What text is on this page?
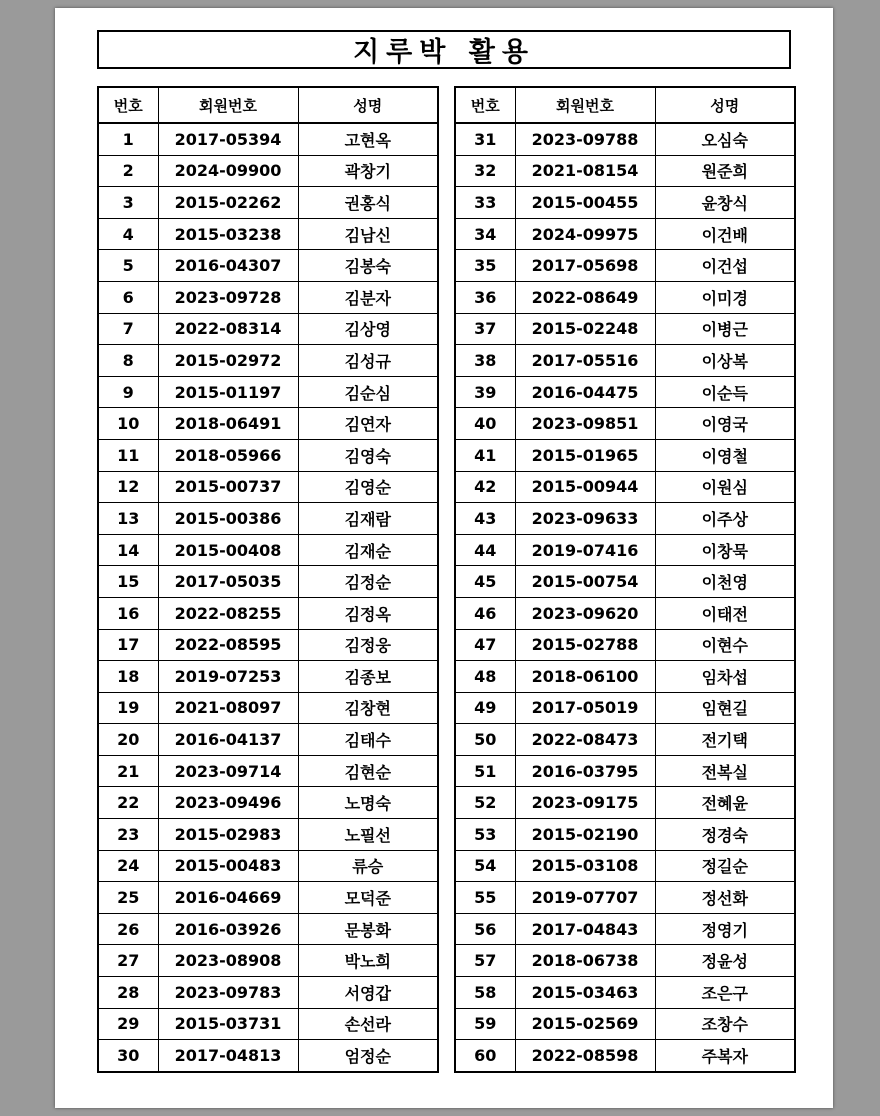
지루박 활용
번호	회원번호	성명
1	2017-05394	고현옥
2	2024-09900	곽창기
3	2015-02262	권홍식
4	2015-03238	김남신
5	2016-04307	김봉숙
6	2023-09728	김분자
7	2022-08314	김상영
8	2015-02972	김성규
9	2015-01197	김순심
10	2018-06491	김연자
11	2018-05966	김영숙
12	2015-00737	김영순
13	2015-00386	김재람
14	2015-00408	김재순
15	2017-05035	김정순
16	2022-08255	김정옥
17	2022-08595	김정웅
18	2019-07253	김종보
19	2021-08097	김창현
20	2016-04137	김태수
21	2023-09714	김현순
22	2023-09496	노명숙
23	2015-02983	노필선
24	2015-00483	류승
25	2016-04669	모덕준
26	2016-03926	문봉화
27	2023-08908	박노희
28	2023-09783	서영갑
29	2015-03731	손선라
30	2017-04813	엄정순
번호	회원번호	성명
31	2023-09788	오심숙
32	2021-08154	원준희
33	2015-00455	윤창식
34	2024-09975	이건배
35	2017-05698	이건섭
36	2022-08649	이미경
37	2015-02248	이병근
38	2017-05516	이상복
39	2016-04475	이순득
40	2023-09851	이영국
41	2015-01965	이영철
42	2015-00944	이원심
43	2023-09633	이주상
44	2019-07416	이창묵
45	2015-00754	이천영
46	2023-09620	이태전
47	2015-02788	이현수
48	2018-06100	임차섭
49	2017-05019	임현길
50	2022-08473	전기택
51	2016-03795	전복실
52	2023-09175	전혜윤
53	2015-02190	정경숙
54	2015-03108	정길순
55	2019-07707	정선화
56	2017-04843	정영기
57	2018-06738	정윤성
58	2015-03463	조은구
59	2015-02569	조창수
60	2022-08598	주복자
